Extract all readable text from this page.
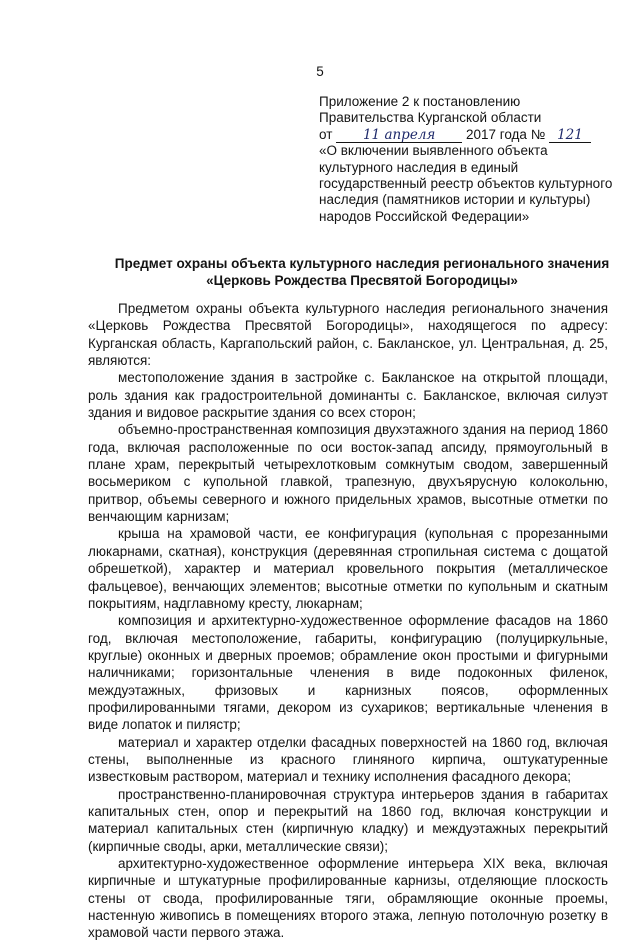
5
Приложение 2 к постановлению
Правительства Курганской области
от 11 апреля 2017 года № 121
«О включении выявленного объекта
культурного наследия в единый
государственный реестр объектов культурного
наследия (памятников истории и культуры)
народов Российской Федерации»
Предмет охраны объекта культурного наследия регионального значения
«Церковь Рождества Пресвятой Богородицы»

Предметом охраны объекта культурного наследия регионального значения «Церковь Рождества Пресвятой Богородицы», находящегося по адресу: Курганская область, Каргапольский район, с. Бакланское, ул. Центральная, д. 25, являются:

местоположение здания в застройке с. Бакланское на открытой площади, роль здания как градостроительной доминанты с. Бакланское, включая силуэт здания и видовое раскрытие здания со всех сторон;

объемно-пространственная композиция двухэтажного здания на период 1860 года, включая расположенные по оси восток-запад апсиду, прямоугольный в плане храм, перекрытый четырехлотковым сомкнутым сводом, завершенный восьмериком с купольной главкой, трапезную, двухъярусную колокольню, притвор, объемы северного и южного придельных храмов, высотные отметки по венчающим карнизам;

крыша на храмовой части, ее конфигурация (купольная с прорезанными люкарнами, скатная), конструкция (деревянная стропильная система с дощатой обрешеткой), характер и материал кровельного покрытия (металлическое фальцевое), венчающих элементов; высотные отметки по купольным и скатным покрытиям, надглавному кресту, люкарнам;

композиция и архитектурно-художественное оформление фасадов на 1860 год, включая местоположение, габариты, конфигурацию (полуциркульные, круглые) оконных и дверных проемов; обрамление окон простыми и фигурными наличниками; горизонтальные членения в виде подоконных филенок, междуэтажных, фризовых и карнизных поясов, оформленных профилированными тягами, декором из сухариков; вертикальные членения в виде лопаток и пилястр;

материал и характер отделки фасадных поверхностей на 1860 год, включая стены, выполненные из красного глиняного кирпича, оштукатуренные известковым раствором, материал и технику исполнения фасадного декора;

пространственно-планировочная структура интерьеров здания в габаритах капитальных стен, опор и перекрытий на 1860 год, включая конструкции и материал капитальных стен (кирпичную кладку) и междуэтажных перекрытий (кирпичные своды, арки, металлические связи);

архитектурно-художественное оформление интерьера XIX века, включая кирпичные и штукатурные профилированные карнизы, отделяющие плоскость стены от свода, профилированные тяги, обрамляющие оконные проемы, настенную живопись в помещениях второго этажа, лепную потолочную розетку в храмовой части первого этажа.
